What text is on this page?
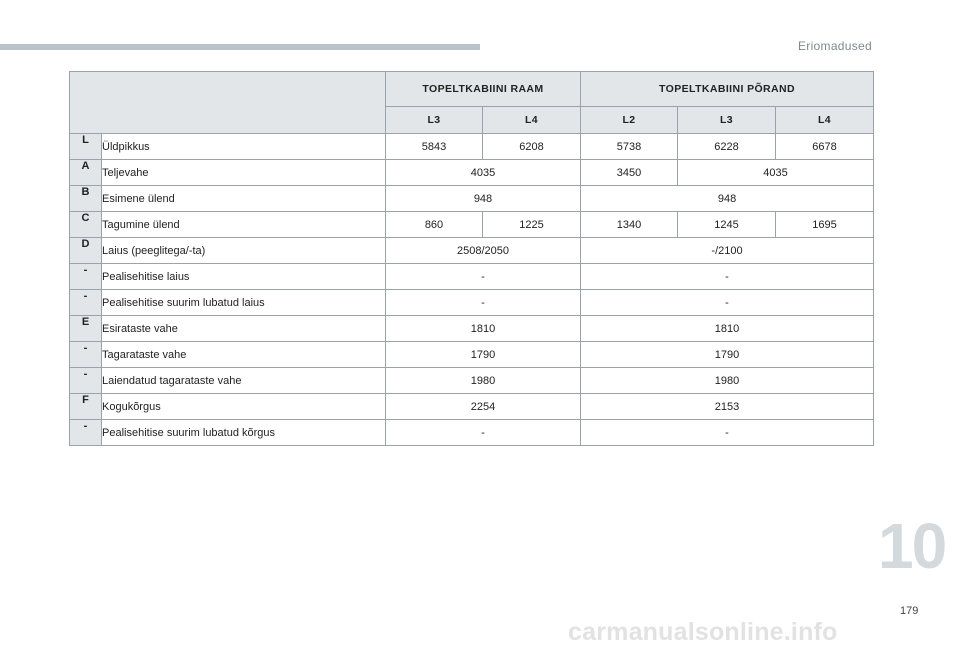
Eriomadused
		TOPELTKABIINI RAAM		TOPELTKABIINI PÕRAND		
		L3	L4	L2	L3	L4
L	Üldpikkus	5843	6208	5738	6228	6678
A	Teljevahe	4035		3450	4035	
B	Esimene ülend	948		948		
C	Tagumine ülend	860	1225	1340	1245	1695
D	Laius (peeglitega/-ta)	2508/2050		-/2100		
-	Pealisehitise laius	-		-		
-	Pealisehitise suurim lubatud laius	-		-		
E	Esirataste vahe	1810		1810		
-	Tagarataste vahe	1790		1790		
-	Laiendatud tagarataste vahe	1980		1980		
F	Kogukõrgus	2254		2153		
-	Pealisehitise suurim lubatud kõrgus	-		-		
10
179
carmanualsonline.info
